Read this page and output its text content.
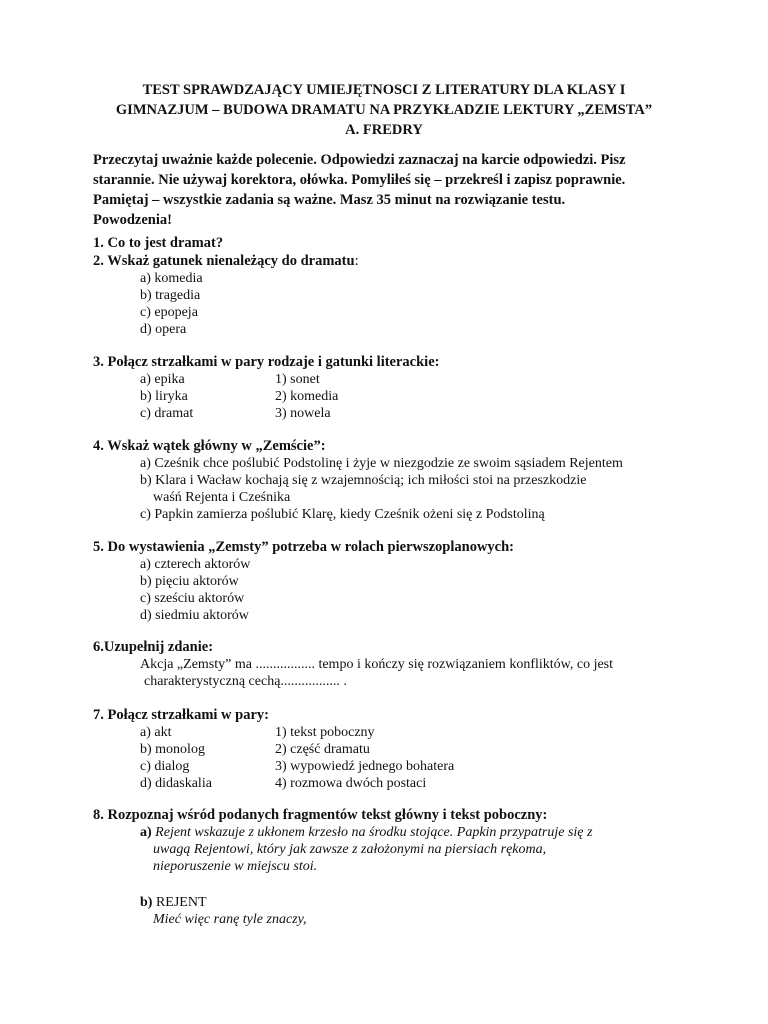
TEST SPRAWDZAJĄCY UMIEJĘTNOSCI Z LITERATURY DLA KLASY I
GIMNAZJUM – BUDOWA DRAMATU NA PRZYKŁADZIE LEKTURY „ZEMSTA”
A. FREDRY
Przeczytaj uważnie każde polecenie. Odpowiedzi zaznaczaj na karcie odpowiedzi. Pisz
starannie. Nie używaj korektora, ołówka. Pomyliłeś się – przekreśl i zapisz poprawnie.
Pamiętaj – wszystkie zadania są ważne. Masz 35 minut na rozwiązanie testu.
Powodzenia!
1. Co to jest dramat?
2. Wskaż gatunek nienależący do dramatu:
a) komedia
b) tragedia
c) epopeja
d) opera
3. Połącz strzałkami w pary rodzaje i gatunki literackie:
a) epika	1) sonet
b) liryka	2) komedia
c) dramat	3) nowela
4. Wskaż wątek główny w „Zemście”:
a) Cześnik chce poślubić Podstolinę i żyje w niezgodzie ze swoim sąsiadem Rejentem
b) Klara i Wacław kochają się z wzajemnością; ich miłości stoi na przeszkodzie
waśń Rejenta i Cześnika
c) Papkin zamierza poślubić Klarę, kiedy Cześnik ożeni się z Podstoliną
5. Do wystawienia „Zemsty” potrzeba w rolach pierwszoplanowych:
a) czterech aktorów
b) pięciu aktorów
c) sześciu aktorów
d) siedmiu aktorów
6.Uzupełnij zdanie:
Akcja „Zemsty” ma ................. tempo i kończy się rozwiązaniem konfliktów, co jest
charakterystyczną cechą................. .
7. Połącz strzałkami w pary:
a) akt	1) tekst poboczny
b) monolog	2) część dramatu
c) dialog	3) wypowiedź jednego bohatera
d) didaskalia	4) rozmowa dwóch postaci
8. Rozpoznaj wśród podanych fragmentów tekst główny i tekst poboczny:
a) Rejent wskazuje z ukłonem krzesło na środku stojące. Papkin przypatruje się z
uwagą Rejentowi, który jak zawsze z założonymi na piersiach rękoma,
nieporuszenie w miejscu stoi.
b) REJENT
Mieć więc ranę tyle znaczy,
